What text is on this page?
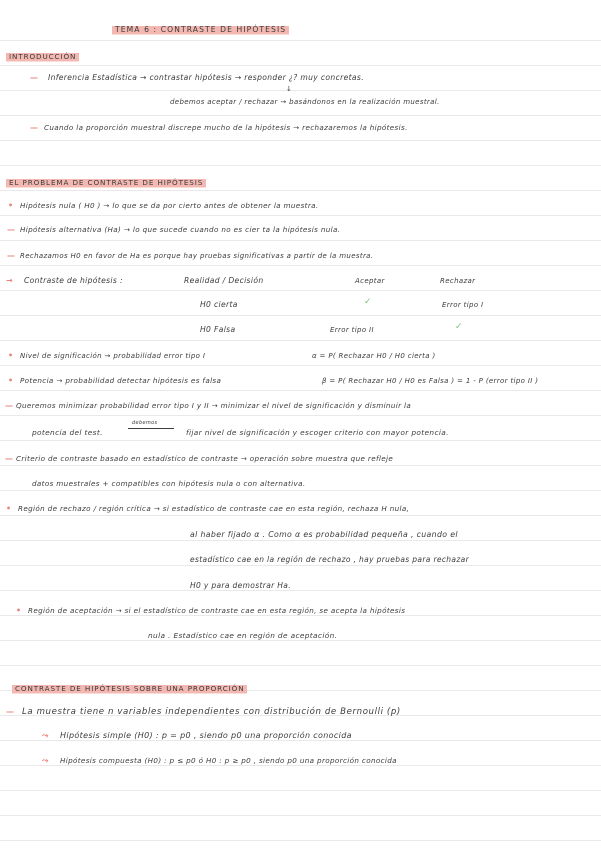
TEMA 6 : CONTRASTE DE HIPÓTESIS
INTRODUCCIÓN
— Inferencia Estadística → contrastar hipótesis → responder ¿? muy concretas.
↓
debemos aceptar / rechazar → basándonos en la realización muestral.
— Cuando la proporción muestral discrepe mucho de la hipótesis → rechazaremos la hipótesis.
EL PROBLEMA DE CONTRASTE DE HIPÓTESIS
• Hipótesis nula ( H0 ) → lo que se da por cierto antes de obtener la muestra.
— Hipótesis alternativa (Ha) → lo que sucede cuando no es cier ta la hipótesis nula.
— Rechazamos H0 en favor de Ha es porque hay pruebas significativas a partir de la muestra.
→ Contraste de hipótesis :	Realidad / Decisión	Aceptar	Rechazar
H0 cierta	✓	Error tipo I
H0 Falsa	Error tipo II	✓
• Nivel de significación → probabilidad error tipo I	α = P( Rechazar H0 / H0 cierta )
• Potencia → probabilidad detectar hipótesis es falsa	β = P( Rechazar H0 / H0 es Falsa ) = 1 - P (error tipo II )
— Queremos minimizar probabilidad error tipo I y II → minimizar el nivel de significación y disminuir la
potencia del test.
debemos
fijar nivel de significación y escoger criterio con mayor potencia.
— Criterio de contraste basado en estadístico de contraste → operación sobre muestra que refleje
datos muestrales + compatibles con hipótesis nula o con alternativa.
• Región de rechazo / región crítica → si estadístico de contraste cae en esta región, rechaza H nula,
al haber fijado α . Como α es probabilidad pequeña , cuando el
estadístico cae en la región de rechazo , hay pruebas para rechazar
H0 y para demostrar Ha.
• Región de aceptación → si el estadístico de contraste cae en esta región, se acepta la hipótesis
nula . Estadístico cae en región de aceptación.
CONTRASTE DE HIPÓTESIS SOBRE UNA PROPORCIÓN
— La muestra tiene n variables independientes con distribución de Bernoulli (p)
⤳ Hipótesis simple (H0) : p = p0 , siendo p0 una proporción conocida
⤳ Hipótesis compuesta (H0) : p ≤ p0 ó H0 : p ≥ p0 , siendo p0 una proporción conocida
